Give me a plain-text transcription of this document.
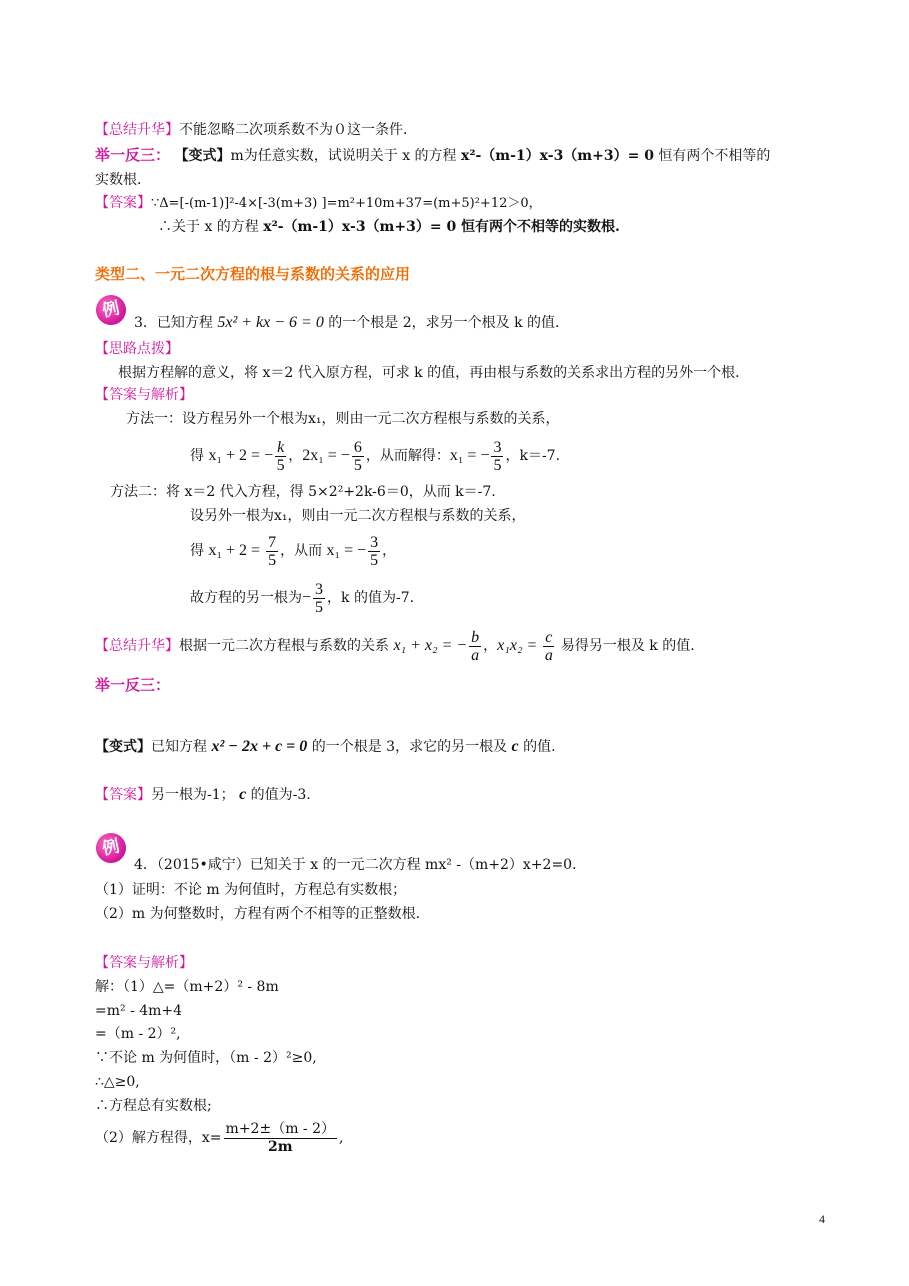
【总结升华】不能忽略二次项系数不为０这一条件．
举一反三： 【变式】m为任意实数，试说明关于 x 的方程 x²-（m-1）x-3（m+3）= 0 恒有两个不相等的
实数根．
【答案】∵Δ=[-(m-1)]²-4×[-3(m+3) ]=m²+10m+37=(m+5)²+12＞0，
∴关于 x 的方程 x²-（m-1）x-3（m+3）= 0 恒有两个不相等的实数根.
类型二、一元二次方程的根与系数的关系的应用
例
3．已知方程 5x² + kx − 6 = 0 的一个根是 2，求另一个根及 k 的值．
【思路点拨】
根据方程解的意义，将 x＝2 代入原方程，可求 k 的值，再由根与系数的关系求出方程的另外一个根．
【答案与解析】
方法一：设方程另外一个根为x₁，则由一元二次方程根与系数的关系，
得 x₁ + 2 = − $\frac{k}{5}$ ，2x₁ = − $\frac{6}{5}$ ，从而解得：x₁ = − $\frac{3}{5}$ ，k＝-7.
方法二：将 x＝2 代入方程，得 5×2²+2k-6＝0，从而 k＝-7.
设另外一根为x₁，则由一元二次方程根与系数的关系，
得 $x_1 + 2 = \frac{7}{5}$ ，从而 x₁ = − $\frac{3}{5}$ ，
故方程的另一根为− $\frac{3}{5}$ ，k 的值为-7.
【总结升华】根据一元二次方程根与系数的关系 x₁ + x₂ = − $\frac{b}{a}$ ，$x_1x_2 = \frac{c}{a}$ 易得另一根及 k 的值.
举一反三：
【变式】已知方程 x² − 2x + c = 0 的一个根是 3，求它的另一根及 c 的值.
【答案】另一根为-1； c 的值为-3.
例
4．（2015•咸宁）已知关于 x 的一元二次方程 mx² -（m+2）x+2=0.
（1）证明：不论 m 为何值时，方程总有实数根；
（2）m 为何整数时，方程有两个不相等的正整数根.
【答案与解析】
解：（1）△=（m+2）² - 8m
=m² - 4m+4
=（m - 2）²,
∵不论 m 为何值时，（m - 2）²≥0,
∴△≥0,
∴方程总有实数根;
（2）解方程得，$x= \frac{m+2\pm(m - 2)}{2m}$ ,
4
